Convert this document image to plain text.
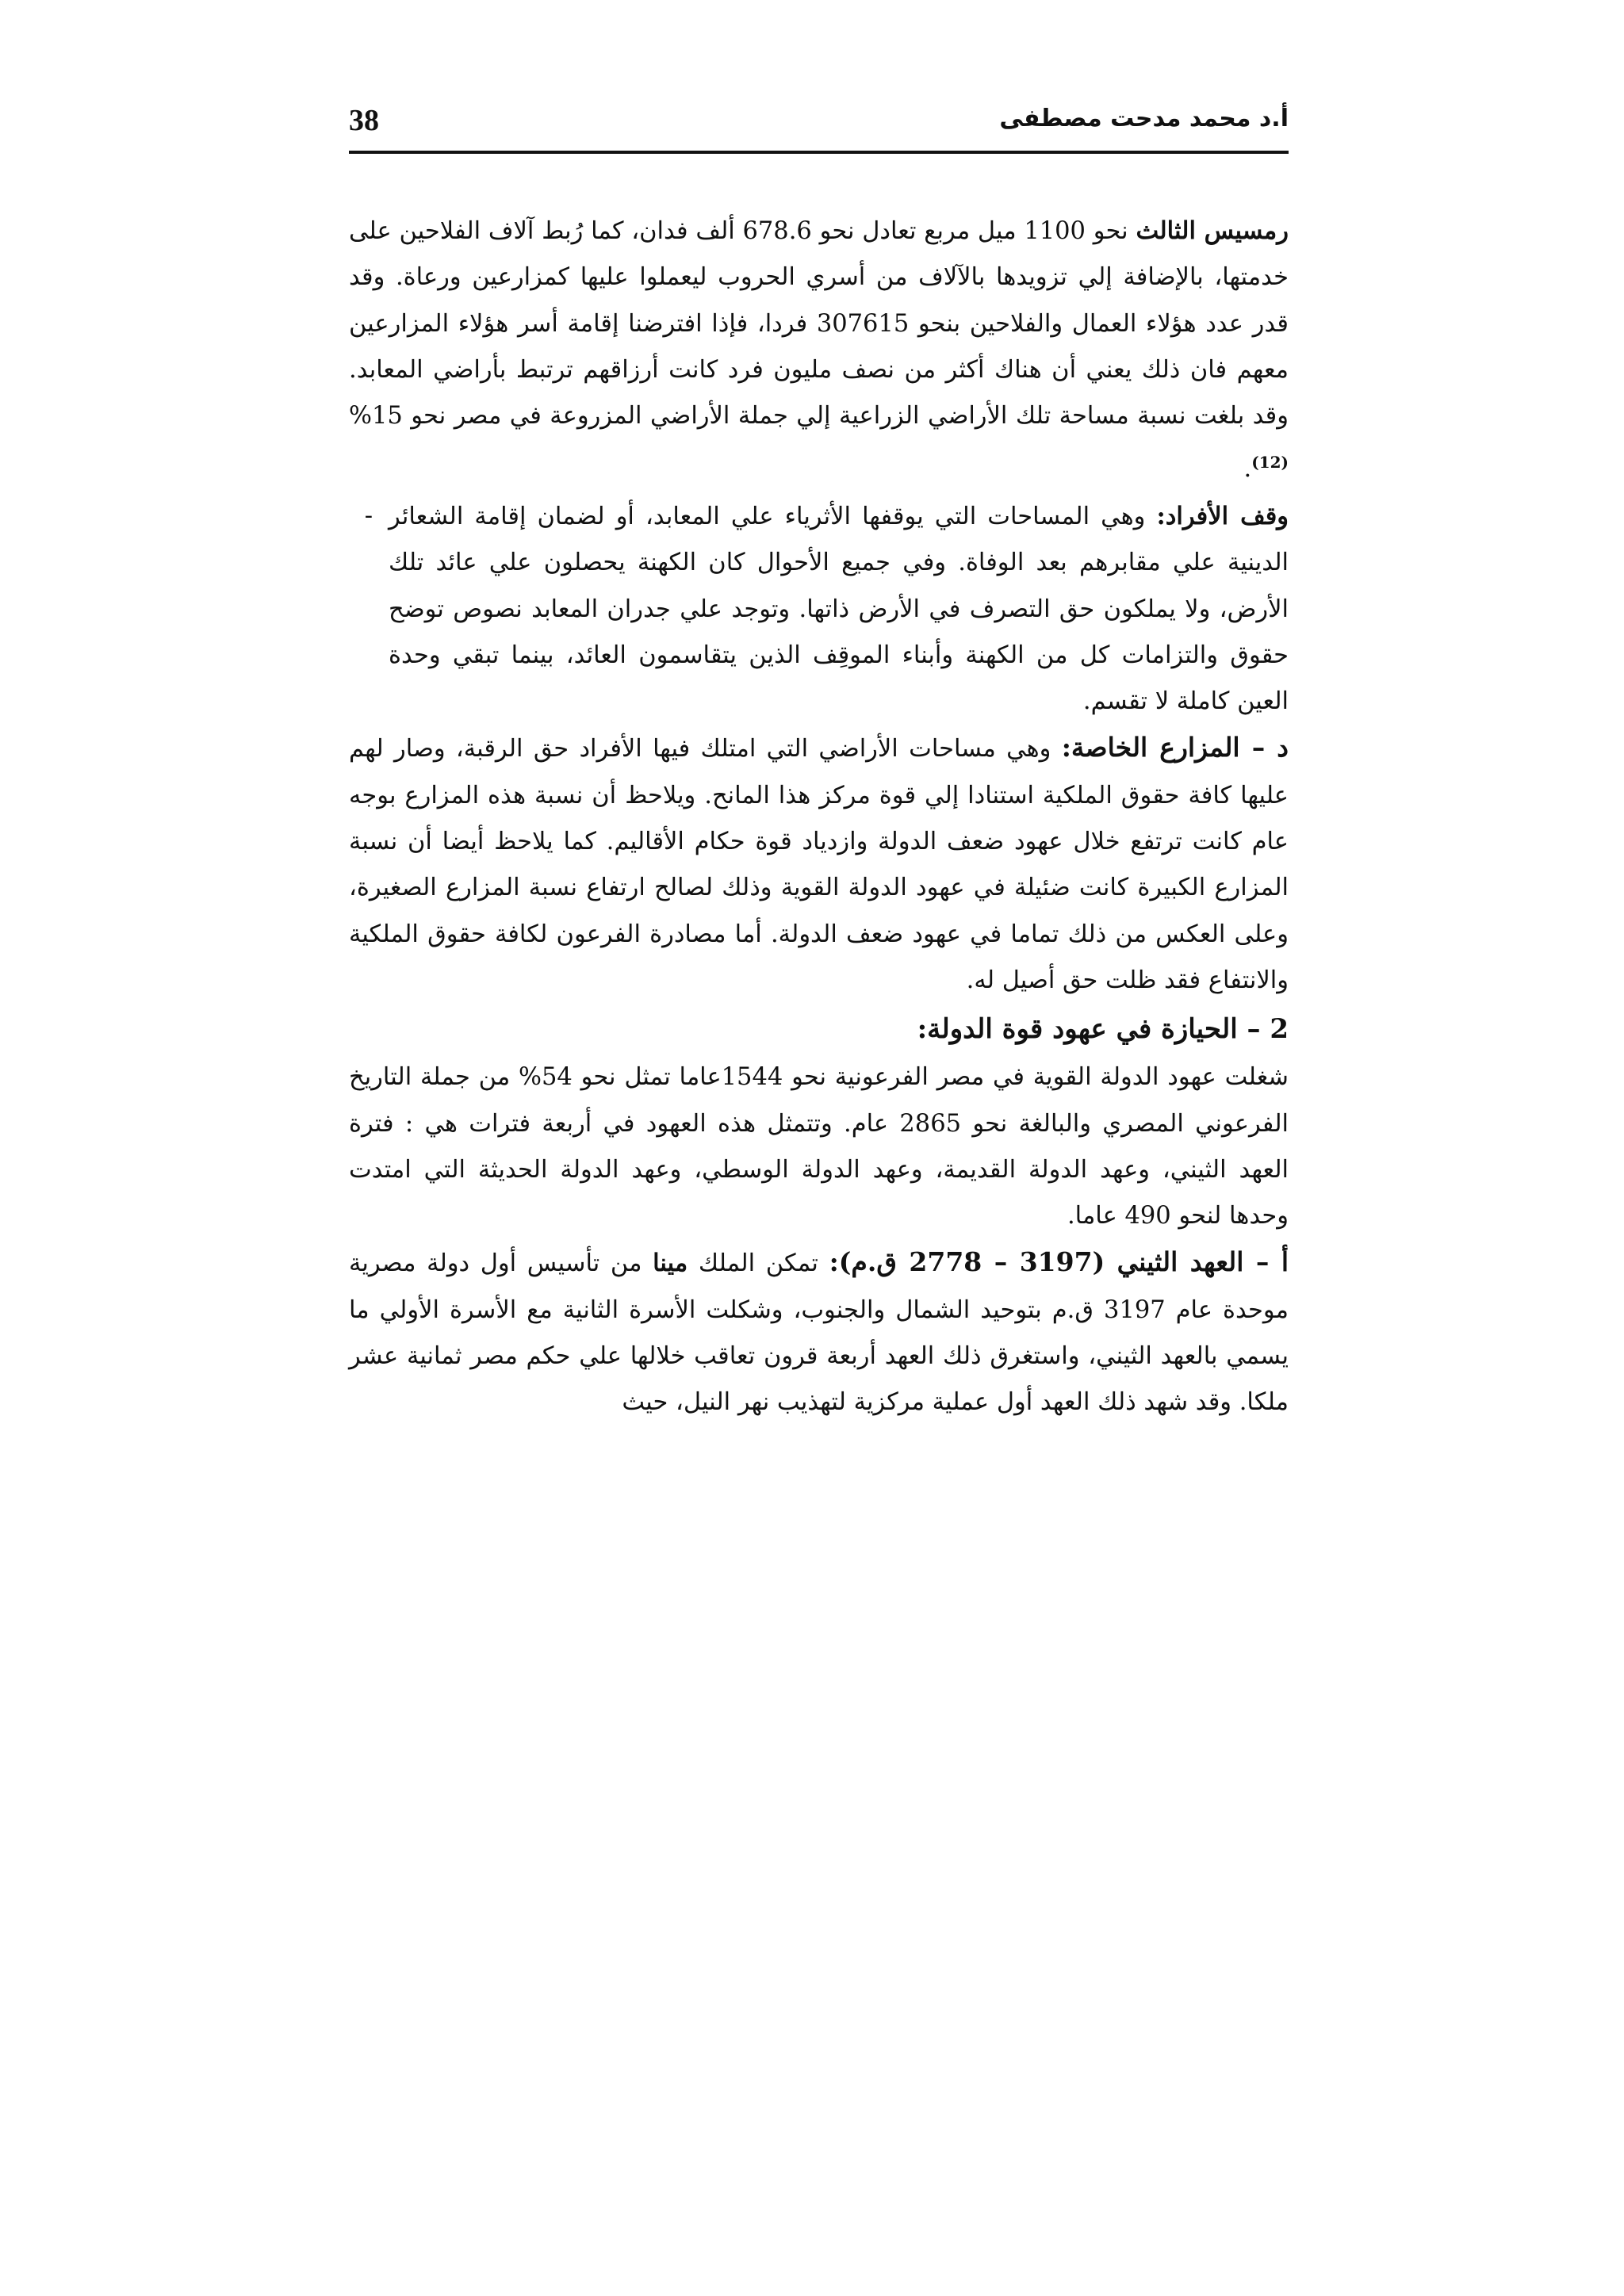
38	أ.د محمد مدحت مصطفى

رمسيس الثالث نحو 1100 ميل مربع تعادل نحو 678.6 ألف فدان، كما رُبط آلاف الفلاحين على خدمتها، بالإضافة إلي تزويدها بالآلاف من أسري الحروب ليعملوا عليها كمزارعين ورعاة. وقد قدر عدد هؤلاء العمال والفلاحين بنحو 307615 فردا، فإذا افترضنا إقامة أسر هؤلاء المزارعين معهم فان ذلك يعني أن هناك أكثر من نصف مليون فرد كانت أرزاقهم ترتبط بأراضي المعابد. وقد بلغت نسبة مساحة تلك الأراضي الزراعية إلي جملة الأراضي المزروعة في مصر نحو 15% $^{(12)}$.

-	وقف الأفراد: وهي المساحات التي يوقفها الأثرياء علي المعابد، أو لضمان إقامة الشعائر الدينية علي مقابرهم بعد الوفاة. وفي جميع الأحوال كان الكهنة يحصلون علي عائد تلك الأرض، ولا يملكون حق التصرف في الأرض ذاتها. وتوجد علي جدران المعابد نصوص توضح حقوق والتزامات كل من الكهنة وأبناء الموقِف الذين يتقاسمون العائد، بينما تبقي وحدة العين كاملة لا تقسم.

د – المزارع الخاصة: وهي مساحات الأراضي التي امتلك فيها الأفراد حق الرقبة، وصار لهم عليها كافة حقوق الملكية استنادا إلي قوة مركز هذا المانح. ويلاحظ أن نسبة هذه المزارع بوجه عام كانت ترتفع خلال عهود ضعف الدولة وازدياد قوة حكام الأقاليم. كما يلاحظ أيضا أن نسبة المزارع الكبيرة كانت ضئيلة في عهود الدولة القوية وذلك لصالح ارتفاع نسبة المزارع الصغيرة، وعلى العكس من ذلك تماما في عهود ضعف الدولة. أما مصادرة الفرعون لكافة حقوق الملكية والانتفاع فقد ظلت حق أصيل له.

2 – الحيازة في عهود قوة الدولة:

شغلت عهود الدولة القوية في مصر الفرعونية نحو 1544عاما تمثل نحو 54% من جملة التاريخ الفرعوني المصري والبالغة نحو 2865 عام. وتتمثل هذه العهود في أربعة فترات هي : فترة العهد الثيني، وعهد الدولة القديمة، وعهد الدولة الوسطي، وعهد الدولة الحديثة التي امتدت وحدها لنحو 490 عاما.

أ – العهد الثيني (3197 – 2778 ق.م): تمكن الملك مينا من تأسيس أول دولة مصرية موحدة عام 3197 ق.م بتوحيد الشمال والجنوب، وشكلت الأسرة الثانية مع الأسرة الأولي ما يسمي بالعهد الثيني، واستغرق ذلك العهد أربعة قرون تعاقب خلالها علي حكم مصر ثمانية عشر ملكا. وقد شهد ذلك العهد أول عملية مركزية لتهذيب نهر النيل، حيث
